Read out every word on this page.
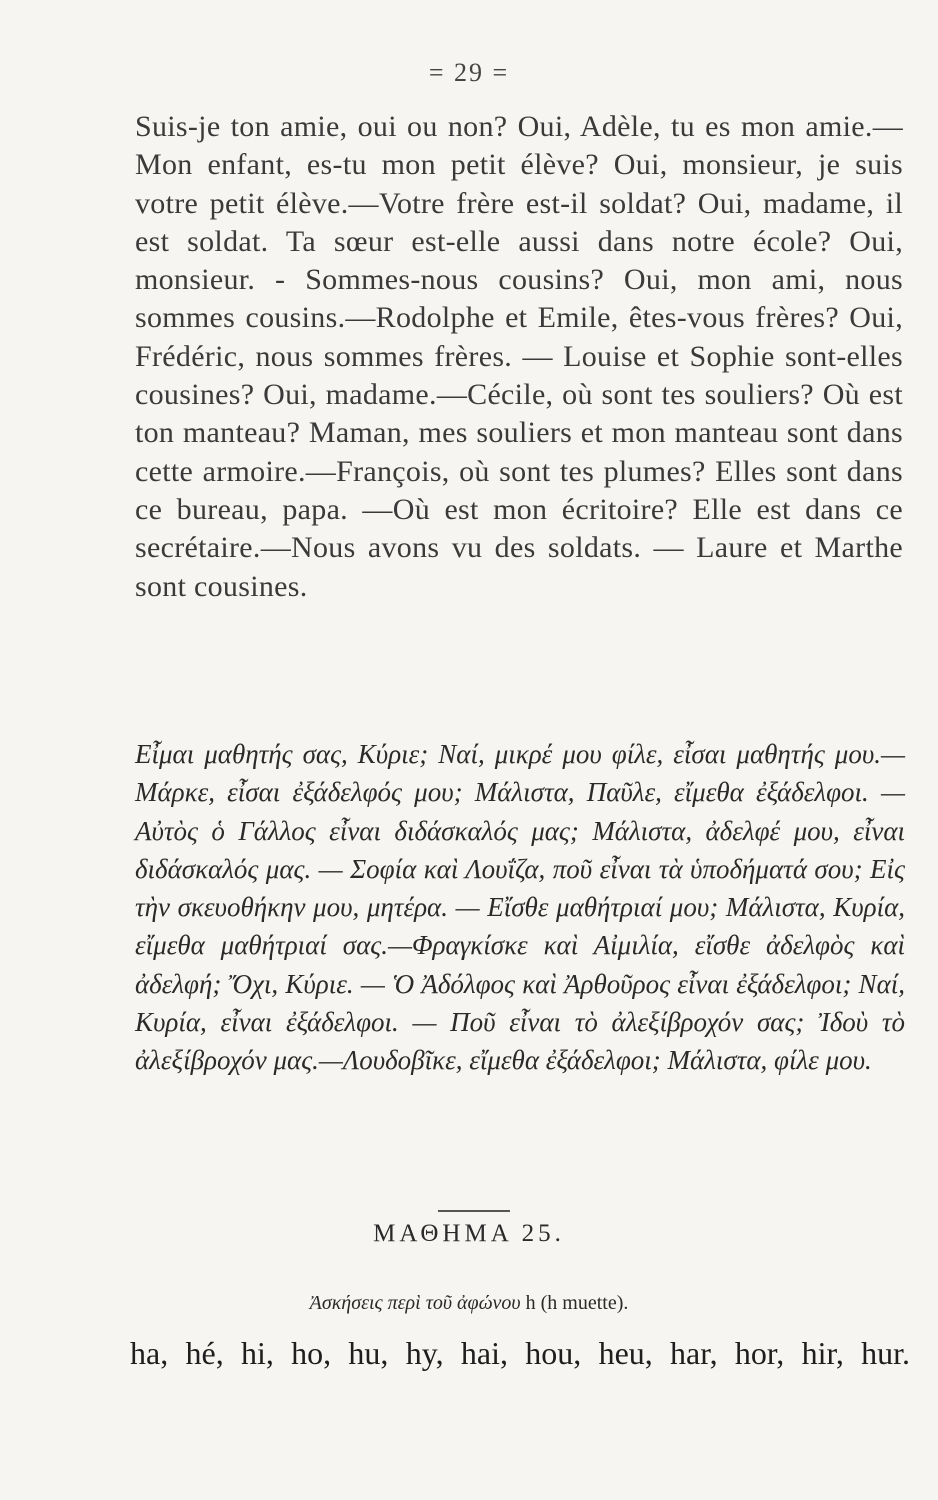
= 29 =
Suis-je ton amie, oui ou non? Oui, Adèle, tu es mon amie.—Mon enfant, es-tu mon petit élève? Oui, monsieur, je suis votre petit élève.—Votre frère est-il soldat? Oui, madame, il est soldat. Ta sœur est-elle aussi dans notre école? Oui, monsieur. - Sommes-nous cousins? Oui, mon ami, nous sommes cousins.—Rodolphe et Emile, êtes-vous frères? Oui, Frédéric, nous sommes frères. — Louise et Sophie sont-elles cousines? Oui, madame.—Cécile, où sont tes souliers? Où est ton manteau? Maman, mes souliers et mon manteau sont dans cette armoire.—François, où sont tes plumes? Elles sont dans ce bureau, papa. —Où est mon écritoire? Elle est dans ce secrétaire.—Nous avons vu des soldats. — Laure et Marthe sont cousines.
Εἶμαι μαθητής σας, Κύριε; Ναί, μικρέ μου φίλε, εἶσαι μαθητής μου.—Μάρκε, εἶσαι ἐξάδελφός μου; Μάλιστα, Παῦλε, εἴμεθα ἐξάδελφοι. — Αὐτὸς ὁ Γάλλος εἶναι διδάσκαλός μας; Μάλιστα, ἀδελφέ μου, εἶναι διδάσκαλός μας. — Σοφία καὶ Λουΐζα, ποῦ εἶναι τὰ ὑποδήματά σου; Εἰς τὴν σκευοθήκην μου, μητέρα. — Εἴσθε μαθήτριαί μου; Μάλιστα, Κυρία, εἴμεθα μαθήτριαί σας.—Φραγκίσκε καὶ Αἰμιλία, εἴσθε ἀδελφὸς καὶ ἀδελφή; Ὄχι, Κύριε. — Ὁ Ἀδόλφος καὶ Ἀρθοῦρος εἶναι ἐξάδελφοι; Ναί, Κυρία, εἶναι ἐξάδελφοι. — Ποῦ εἶναι τὸ ἀλεξίβροχόν σας; Ἰδοὺ τὸ ἀλεξίβροχόν μας.—Λουδοβῖκε, εἴμεθα ἐξάδελφοι; Μάλιστα, φίλε μου.
ΜΑΘΗΜΑ 25.
Ἀσκήσεις περὶ τοῦ ἀφώνου h (h muette).
ha, hé, hi, ho, hu, hy, hai, hou, heu, har, hor, hir, hur.
